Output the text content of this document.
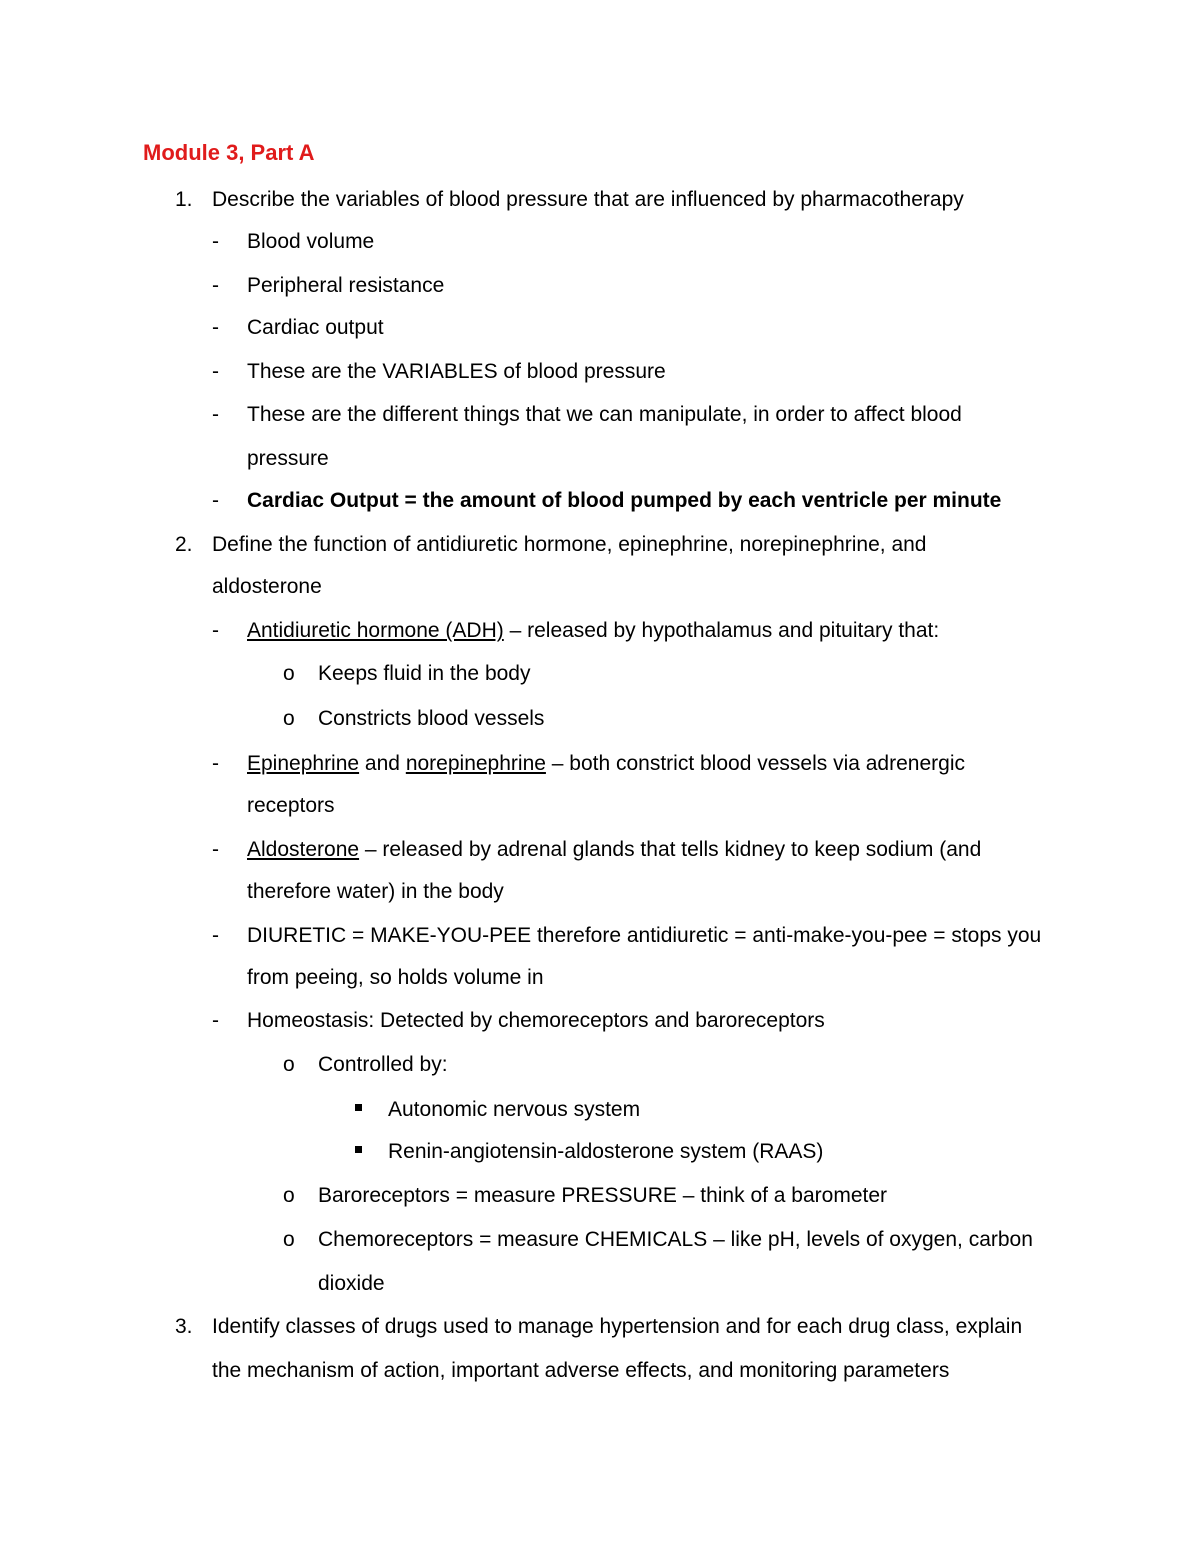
Module 3, Part A
1. Describe the variables of blood pressure that are influenced by pharmacotherapy
- Blood volume
- Peripheral resistance
- Cardiac output
- These are the VARIABLES of blood pressure
- These are the different things that we can manipulate, in order to affect blood
pressure
- Cardiac Output = the amount of blood pumped by each ventricle per minute
2. Define the function of antidiuretic hormone, epinephrine, norepinephrine, and
aldosterone
- Antidiuretic hormone (ADH) – released by hypothalamus and pituitary that:
o Keeps fluid in the body
o Constricts blood vessels
- Epinephrine and norepinephrine – both constrict blood vessels via adrenergic
receptors
- Aldosterone – released by adrenal glands that tells kidney to keep sodium (and
therefore water) in the body
- DIURETIC = MAKE-YOU-PEE therefore antidiuretic = anti-make-you-pee = stops you
from peeing, so holds volume in
- Homeostasis: Detected by chemoreceptors and baroreceptors
o Controlled by:
Autonomic nervous system
Renin-angiotensin-aldosterone system (RAAS)
o Baroreceptors = measure PRESSURE – think of a barometer
o Chemoreceptors = measure CHEMICALS – like pH, levels of oxygen, carbon
dioxide
3. Identify classes of drugs used to manage hypertension and for each drug class, explain
the mechanism of action, important adverse effects, and monitoring parameters
